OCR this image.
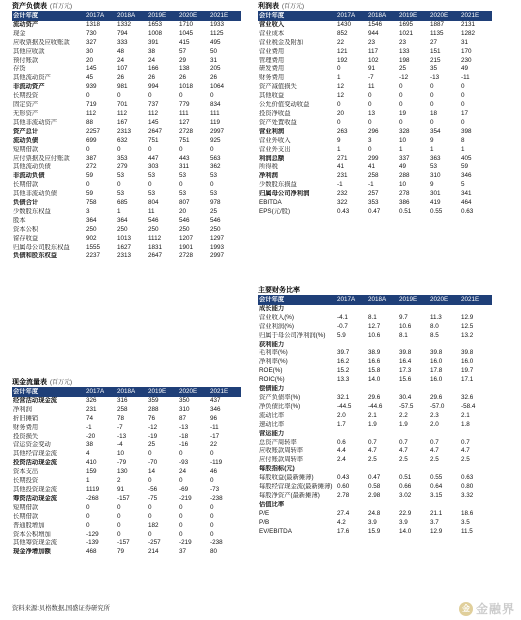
资产负债表 (百万元)
会计年度	2017A	2018A	2019E	2020E	2021E
流动资产	1318	1332	1653	1710	1933
现金	730	794	1008	1045	1125
应收票据及应收账款	327	333	391	415	495
其他应收款	30	48	38	57	50
预付账款	20	24	24	29	31
存货	145	107	166	138	205
其他流动资产	45	26	26	26	26
非流动资产	939	981	994	1018	1064
长期投资	0	0	0	0	0
固定资产	719	701	737	779	834
无形资产	112	112	112	111	111
其他非流动资产	88	167	145	127	119
资产总计	2257	2313	2647	2728	2997
流动负债	699	632	751	751	925
短期借款	0	0	0	0	0
应付票据及应付账款	387	353	447	443	563
其他流动负债	272	279	303	311	362
非流动负债	59	53	53	53	53
长期借款	0	0	0	0	0
其他非流动负债	59	53	53	53	53
负债合计	758	685	804	807	978
少数股东权益	3	1	11	20	25
股本	364	364	546	546	546
资本公积	250	250	250	250	250
留存收益	902	1013	1112	1207	1297
归属母公司股东权益	1555	1627	1831	1901	1993
负债和股东权益	2237	2313	2647	2728	2997
利润表 (百万元)
会计年度	2017A	2018A	2019E	2020E	2021E
营业收入	1430	1546	1695	1887	2131
营业成本	852	944	1021	1135	1282
营业税金及附加	22	23	23	27	31
营业费用	121	117	133	151	170
管理费用	192	102	198	215	230
研发费用	0	91	25	35	49
财务费用	1	-7	-12	-13	-11
资产减值损失	12	11	0	0	0
其他收益	12	0	0	0	0
公允价值变动收益	0	0	0	0	0
投资净收益	20	13	19	18	17
资产处置收益	0	0	0	0	0
营业利润	263	296	328	354	398
营业外收入	9	3	10	9	8
营业外支出	1	0	1	1	1
利润总额	271	299	337	363	405
所得税	41	41	49	53	59
净利润	231	258	288	310	346
少数股东损益	-1	-1	10	9	5
归属母公司净利润	232	257	278	301	341
EBITDA	322	353	386	419	464
EPS(元/股)	0.43	0.47	0.51	0.55	0.63
主要财务比率
会计年度	2017A	2018A	2019E	2020E	2021E
成长能力					
营业收入(%)	-4.1	8.1	9.7	11.3	12.9
营业利润(%)	-0.7	12.7	10.6	8.0	12.5
归属于母公司净利润(%)	5.9	10.6	8.1	8.5	13.2
获利能力					
毛利率(%)	39.7	38.9	39.8	39.8	39.8
净利率(%)	16.2	16.6	16.4	16.0	16.0
ROE(%)	15.2	15.8	17.3	17.8	19.7
ROIC(%)	13.3	14.0	15.6	16.0	17.1
偿债能力					
资产负债率(%)	32.1	29.6	30.4	29.6	32.6
净负债比率(%)	-44.5	-44.6	-57.5	-57.0	-58.4
流动比率	2.0	2.1	2.2	2.3	2.1
速动比率	1.7	1.9	1.9	2.0	1.8
营运能力					
总资产周转率	0.6	0.7	0.7	0.7	0.7
应收账款周转率	4.4	4.7	4.7	4.7	4.7
应付账款周转率	2.4	2.5	2.5	2.5	2.5
每股指标(元)					
每股收益(最新摊薄)	0.43	0.47	0.51	0.55	0.63
每股经营现金流(最新摊薄)	0.60	0.58	0.66	0.64	0.80
每股净资产(最新摊薄)	2.78	2.98	3.02	3.15	3.32
估值比率					
P/E	27.4	24.8	22.9	21.1	18.6
P/B	4.2	3.9	3.9	3.7	3.5
EV/EBITDA	17.6	15.9	14.0	12.9	11.5
现金流量表 (百万元)
会计年度	2017A	2018A	2019E	2020E	2021E
经营活动现金流	326	316	359	350	437
净利润	231	258	288	310	346
折旧摊销	74	78	76	87	96
财务费用	-1	-7	-12	-13	-11
投资损失	-20	-13	-19	-18	-17
营运资金变动	38	-4	25	-16	22
其他经营现金流	4	10	0	0	0
投资活动现金流	410	-79	-70	-93	-119
资本支出	159	130	14	24	46
长期投资	1	2	0	0	0
其他投资现金流	1119	91	-56	-69	-73
筹资活动现金流	-268	-157	-75	-219	-238
短期借款	0	0	0	0	0
长期借款	0	0	0	0	0
普通股增加	0	0	182	0	0
资本公积增加	-129	0	0	0	0
其他筹资现金流	-139	-157	-257	-219	-238
现金净增加额	468	79	214	37	80
资料来源:贝格数据,国盛证券研究所	金 金融界
